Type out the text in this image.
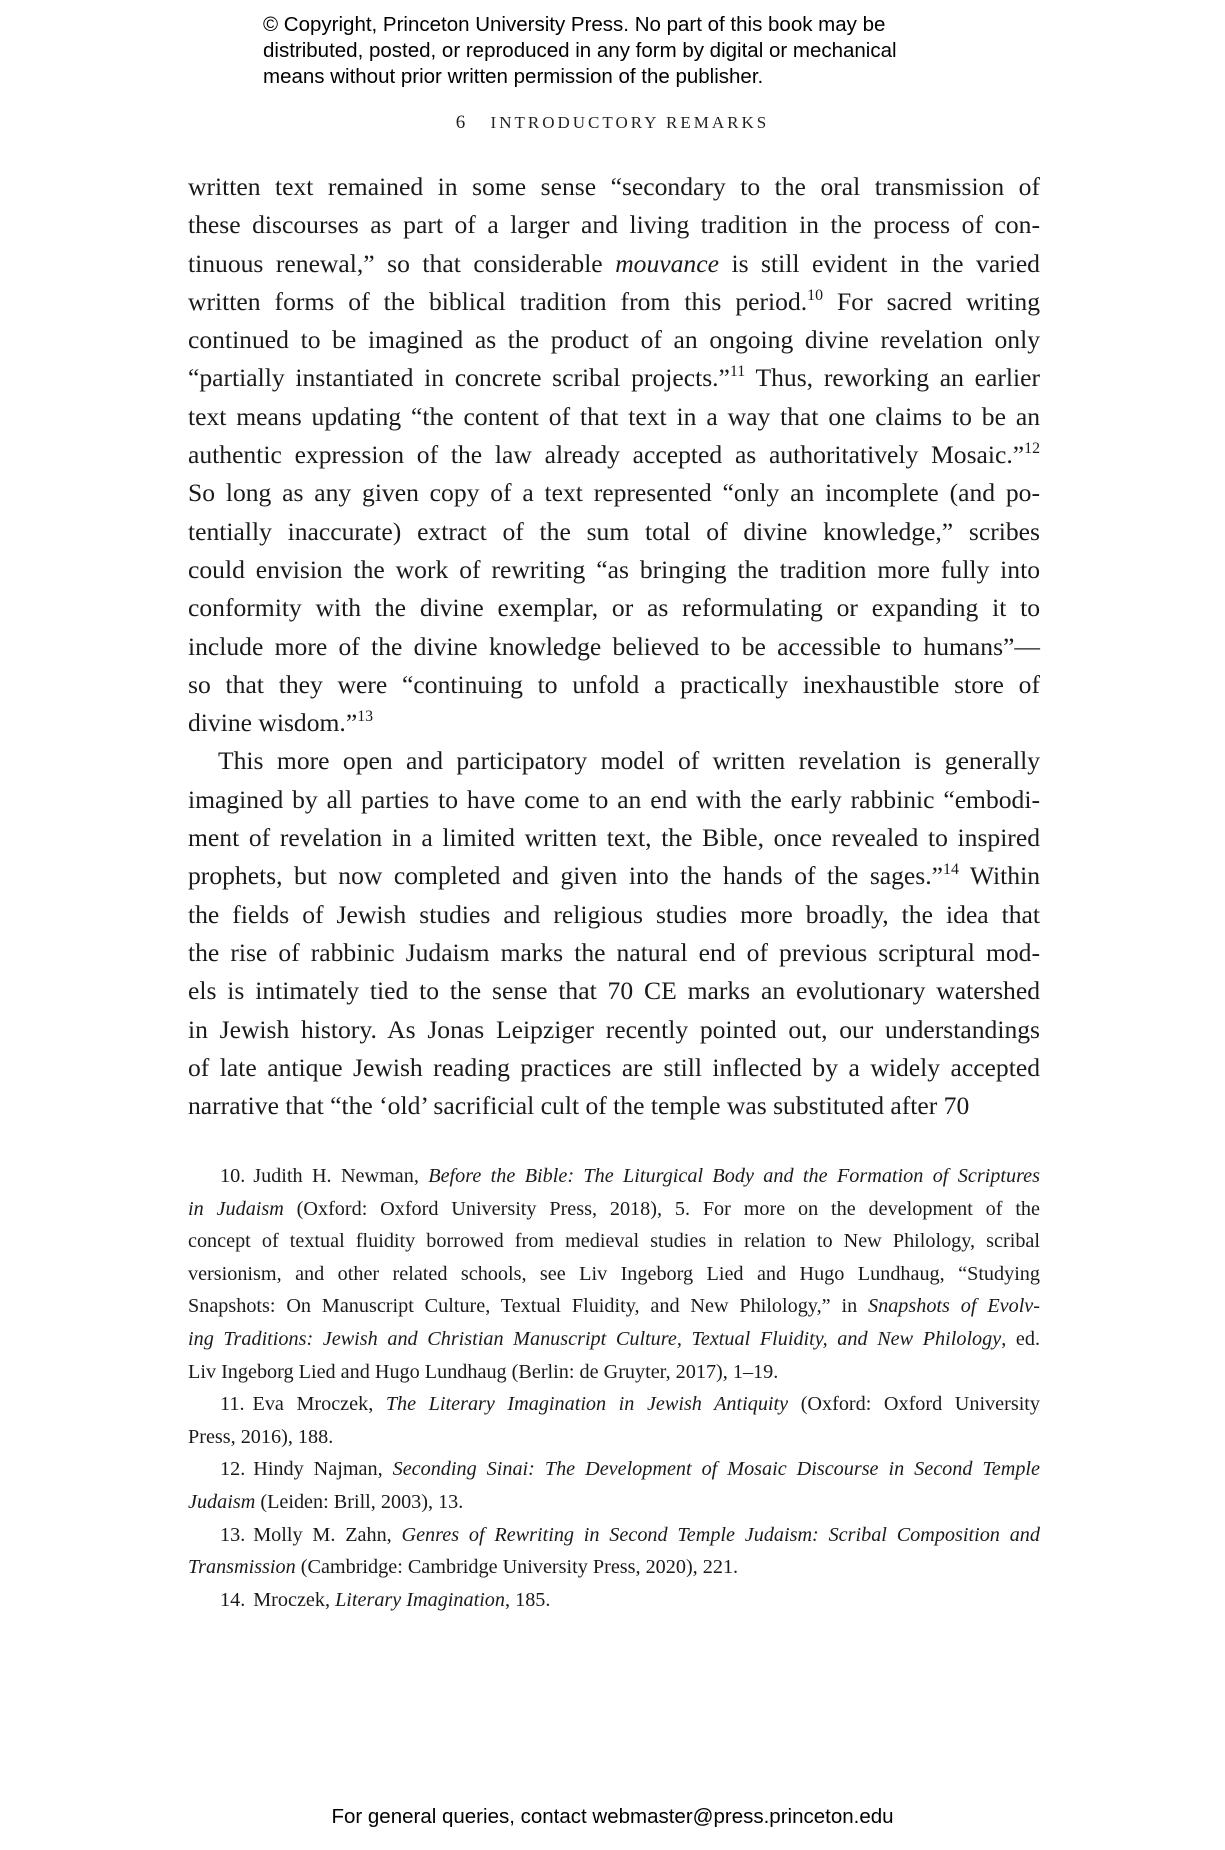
© Copyright, Princeton University Press. No part of this book may be
distributed, posted, or reproduced in any form by digital or mechanical
means without prior written permission of the publisher.
6 INTRODUCTORY REMARKS
written text remained in some sense “secondary to the oral transmission of
these discourses as part of a larger and living tradition in the process of con-
tinuous renewal,” so that considerable mouvance is still evident in the varied
written forms of the biblical tradition from this period.$^{10}$ For sacred writing
continued to be imagined as the product of an ongoing divine revelation only
“partially instantiated in concrete scribal projects.”$^{11}$ Thus, reworking an earlier
text means updating “the content of that text in a way that one claims to be an
authentic expression of the law already accepted as authoritatively Mosaic.”$^{12}$
So long as any given copy of a text represented “only an incomplete (and po-
tentially inaccurate) extract of the sum total of divine knowledge,” scribes
could envision the work of rewriting “as bringing the tradition more fully into
conformity with the divine exemplar, or as reformulating or expanding it to
include more of the divine knowledge believed to be accessible to humans”—
so that they were “continuing to unfold a practically inexhaustible store of
divine wisdom.”$^{13}$
This more open and participatory model of written revelation is generally
imagined by all parties to have come to an end with the early rabbinic “embodi-
ment of revelation in a limited written text, the Bible, once revealed to inspired
prophets, but now completed and given into the hands of the sages.”$^{14}$ Within
the fields of Jewish studies and religious studies more broadly, the idea that
the rise of rabbinic Judaism marks the natural end of previous scriptural mod-
els is intimately tied to the sense that 70 CE marks an evolutionary watershed
in Jewish history. As Jonas Leipziger recently pointed out, our understandings
of late antique Jewish reading practices are still inflected by a widely accepted
narrative that “the ‘old’ sacrificial cult of the temple was substituted after 70
10. Judith H. Newman, Before the Bible: The Liturgical Body and the Formation of Scriptures
in Judaism (Oxford: Oxford University Press, 2018), 5. For more on the development of the
concept of textual fluidity borrowed from medieval studies in relation to New Philology, scribal
versionism, and other related schools, see Liv Ingeborg Lied and Hugo Lundhaug, “Studying
Snapshots: On Manuscript Culture, Textual Fluidity, and New Philology,” in Snapshots of Evolv-
ing Traditions: Jewish and Christian Manuscript Culture, Textual Fluidity, and New Philology, ed.
Liv Ingeborg Lied and Hugo Lundhaug (Berlin: de Gruyter, 2017), 1–19.
11. Eva Mroczek, The Literary Imagination in Jewish Antiquity (Oxford: Oxford University
Press, 2016), 188.
12. Hindy Najman, Seconding Sinai: The Development of Mosaic Discourse in Second Temple
Judaism (Leiden: Brill, 2003), 13.
13. Molly M. Zahn, Genres of Rewriting in Second Temple Judaism: Scribal Composition and
Transmission (Cambridge: Cambridge University Press, 2020), 221.
14. Mroczek, Literary Imagination, 185.
For general queries, contact webmaster@press.princeton.edu
